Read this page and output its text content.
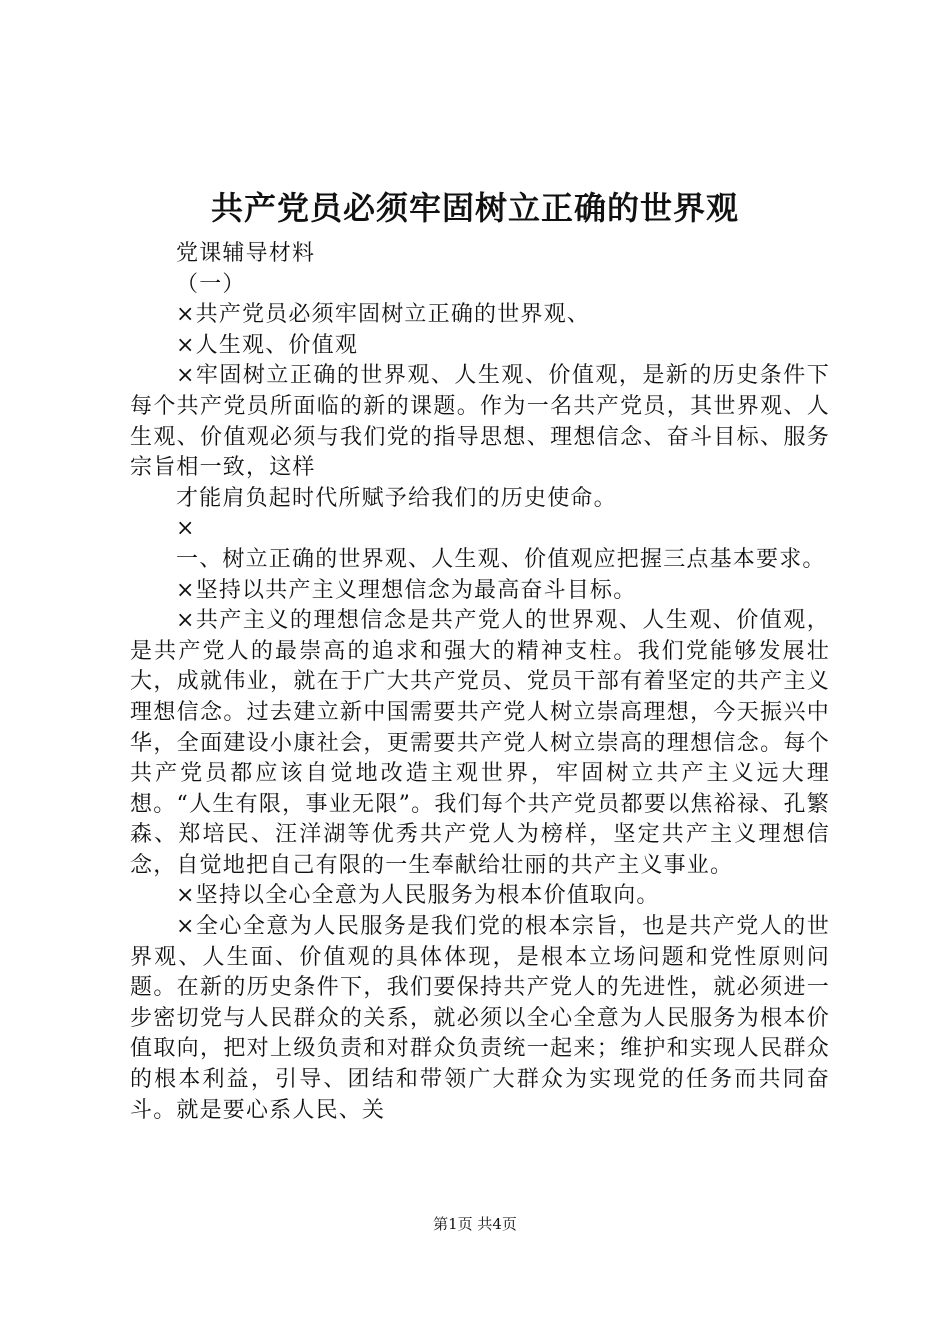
共产党员必须牢固树立正确的世界观

党课辅导材料

（一）

×共产党员必须牢固树立正确的世界观、

×人生观、价值观

×牢固树立正确的世界观、人生观、价值观，是新的历史条件下每个共产党员所面临的新的课题。作为一名共产党员，其世界观、人生观、价值观必须与我们党的指导思想、理想信念、奋斗目标、服务宗旨相一致，这样

才能肩负起时代所赋予给我们的历史使命。

×

一、树立正确的世界观、人生观、价值观应把握三点基本要求。

×坚持以共产主义理想信念为最高奋斗目标。

×共产主义的理想信念是共产党人的世界观、人生观、价值观，是共产党人的最崇高的追求和强大的精神支柱。我们党能够发展壮大，成就伟业，就在于广大共产党员、党员干部有着坚定的共产主义理想信念。过去建立新中国需要共产党人树立崇高理想，今天振兴中华，全面建设小康社会，更需要共产党人树立崇高的理想信念。每个共产党员都应该自觉地改造主观世界，牢固树立共产主义远大理想。“人生有限，事业无限”。我们每个共产党员都要以焦裕禄、孔繁森、郑培民、汪洋湖等优秀共产党人为榜样，坚定共产主义理想信念，自觉地把自己有限的一生奉献给壮丽的共产主义事业。

×坚持以全心全意为人民服务为根本价值取向。

×全心全意为人民服务是我们党的根本宗旨，也是共产党人的世界观、人生面、价值观的具体体现，是根本立场问题和党性原则问题。在新的历史条件下，我们要保持共产党人的先进性，就必须进一步密切党与人民群众的关系，就必须以全心全意为人民服务为根本价值取向，把对上级负责和对群众负责统一起来；维护和实现人民群众的根本利益，引导、团结和带领广大群众为实现党的任务而共同奋斗。就是要心系人民、关

第1页 共4页
